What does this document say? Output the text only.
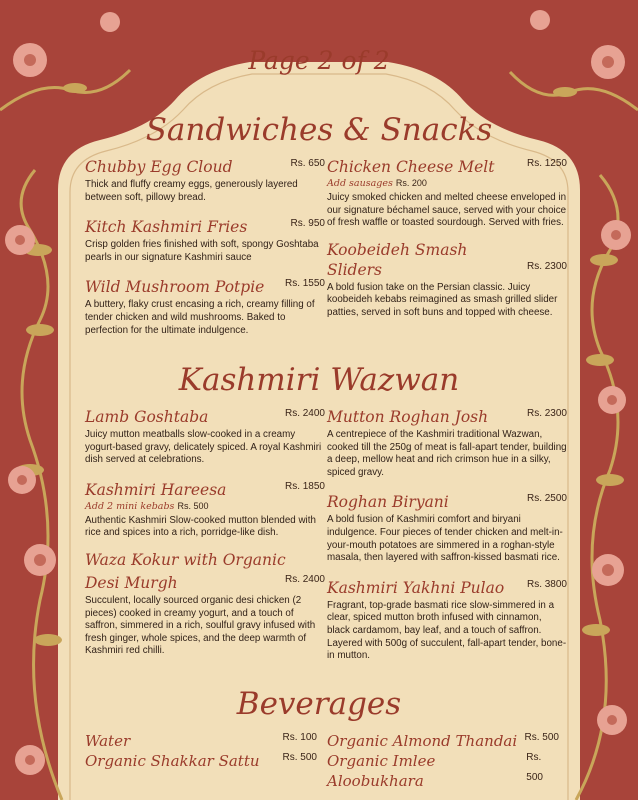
Page 2 of 2
Sandwiches & Snacks
Chubby Egg Cloud	Rs. 650
Thick and fluffy creamy eggs, generously layered between soft, pillowy bread.
Kitch Kashmiri Fries	Rs. 950
Crisp golden fries finished with soft, spongy Goshtaba pearls in our signature Kashmiri sauce
Wild Mushroom Potpie Rs. 1550
A buttery, flaky crust encasing a rich, creamy filling of tender chicken and wild mushrooms. Baked to perfection for the ultimate indulgence.
Chicken Cheese Melt	Rs. 1250
Add sausages Rs. 200
Juicy smoked chicken and melted cheese enveloped in our signature béchamel sauce, served with your choice of fresh waffle or toasted sourdough. Served with fries.
Koobeideh Smash Sliders	Rs. 2300
A bold fusion take on the Persian classic. Juicy koobeideh kebabs reimagined as smash grilled slider patties, served in soft buns and topped with cheese.
Kashmiri Wazwan
Lamb Goshtaba	Rs. 2400
Juicy mutton meatballs slow-cooked in a creamy yogurt-based gravy, delicately spiced. A royal Kashmiri dish served at celebrations.
Kashmiri Hareesa	Rs. 1850
Add 2 mini kebabs Rs. 500
Authentic Kashmiri Slow-cooked mutton blended with rice and spices into a rich, porridge-like dish.
Waza Kokur with Organic
Desi Murgh	Rs. 2400
Succulent, locally sourced organic desi chicken (2 pieces) cooked in creamy yogurt, and a touch of saffron, simmered in a rich, soulful gravy infused with fresh ginger, whole spices, and the deep warmth of Kashmiri red chilli.
Mutton Roghan Josh	Rs. 2300
A centrepiece of the Kashmiri traditional Wazwan, cooked till the 250g of meat is fall-apart tender, building a deep, mellow heat and rich crimson hue in a silky, spiced gravy.
Roghan Biryani	Rs. 2500
A bold fusion of Kashmiri comfort and biryani indulgence. Four pieces of tender chicken and melt-in-your-mouth potatoes are simmered in a roghan-style masala, then layered with saffron-kissed basmati rice.
Kashmiri Yakhni Pulao Rs. 3800
Fragrant, top-grade basmati rice slow-simmered in a clear, spiced mutton broth infused with cinnamon, black cardamom, bay leaf, and a touch of saffron. Layered with 500g of succulent, fall-apart tender, bone-in mutton.
Beverages
Water	Rs. 100
Organic Shakkar Sattu Rs. 500
Organic Almond Thandai Rs. 500
Organic Imlee Aloobukhara
Rs. 500
